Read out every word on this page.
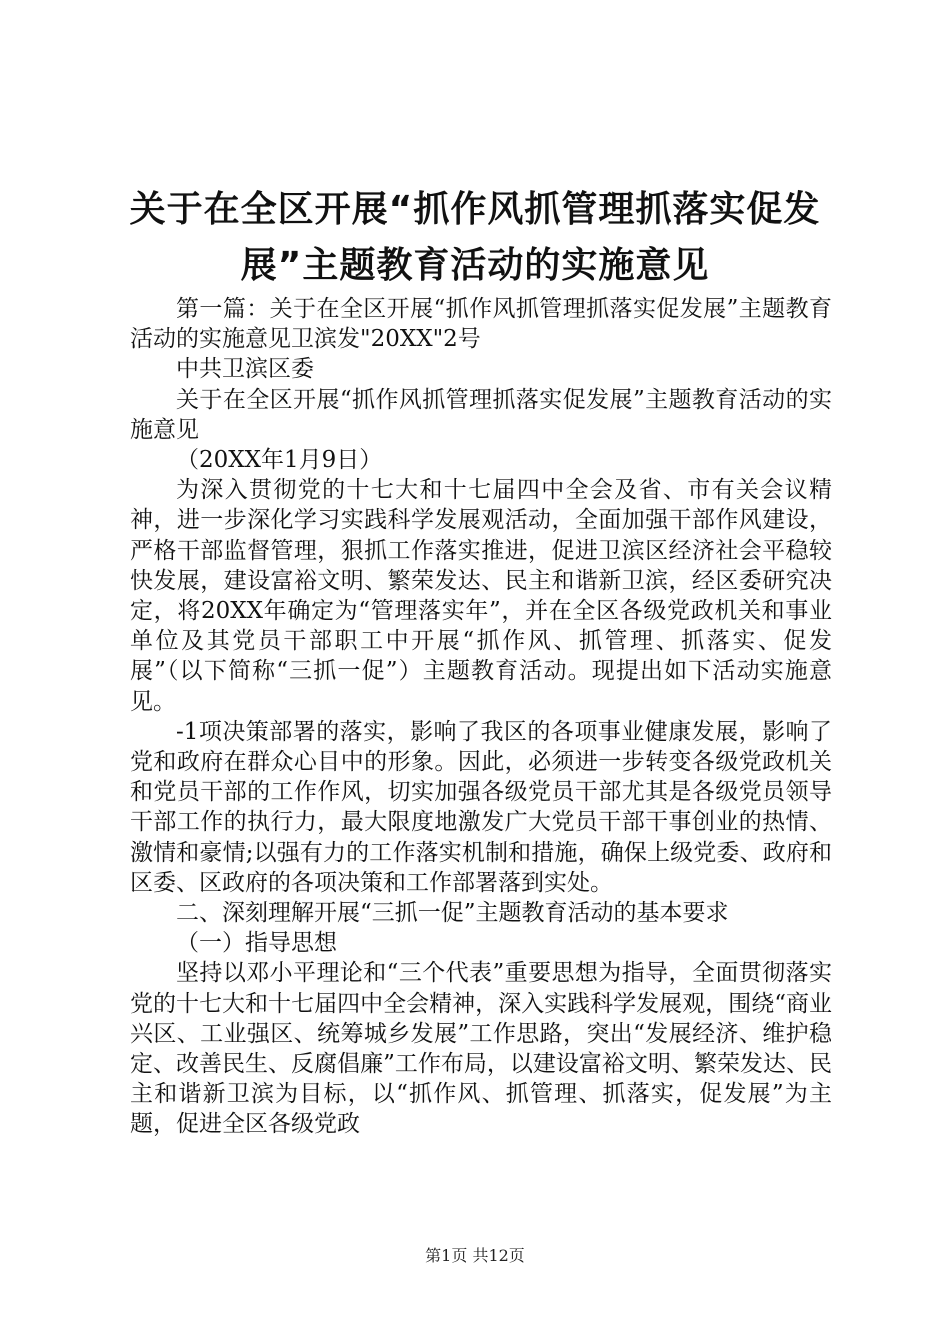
关于在全区开展“抓作风抓管理抓落实促发
展”主题教育活动的实施意见

第一篇：关于在全区开展“抓作风抓管理抓落实促发展”主题教育活动的实施意见卫滨发"20XX"2号

中共卫滨区委

关于在全区开展“抓作风抓管理抓落实促发展”主题教育活动的实施意见

（20XX年1月9日）

为深入贯彻党的十七大和十七届四中全会及省、市有关会议精神，进一步深化学习实践科学发展观活动，全面加强干部作风建设，严格干部监督管理，狠抓工作落实推进，促进卫滨区经济社会平稳较快发展，建设富裕文明、繁荣发达、民主和谐新卫滨，经区委研究决定，将20XX年确定为“管理落实年”，并在全区各级党政机关和事业单位及其党员干部职工中开展“抓作风、抓管理、抓落实、促发展”（以下简称“三抓一促”）主题教育活动。现提出如下活动实施意见。

-1项决策部署的落实，影响了我区的各项事业健康发展，影响了党和政府在群众心目中的形象。因此，必须进一步转变各级党政机关和党员干部的工作作风，切实加强各级党员干部尤其是各级党员领导干部工作的执行力，最大限度地激发广大党员干部干事创业的热情、激情和豪情;以强有力的工作落实机制和措施，确保上级党委、政府和区委、区政府的各项决策和工作部署落到实处。

二、深刻理解开展“三抓一促”主题教育活动的基本要求

（一）指导思想

坚持以邓小平理论和“三个代表”重要思想为指导，全面贯彻落实党的十七大和十七届四中全会精神，深入实践科学发展观，围绕“商业兴区、工业强区、统筹城乡发展”工作思路，突出“发展经济、维护稳定、改善民生、反腐倡廉”工作布局，以建设富裕文明、繁荣发达、民主和谐新卫滨为目标，以“抓作风、抓管理、抓落实，促发展”为主题，促进全区各级党政

第1页 共12页
